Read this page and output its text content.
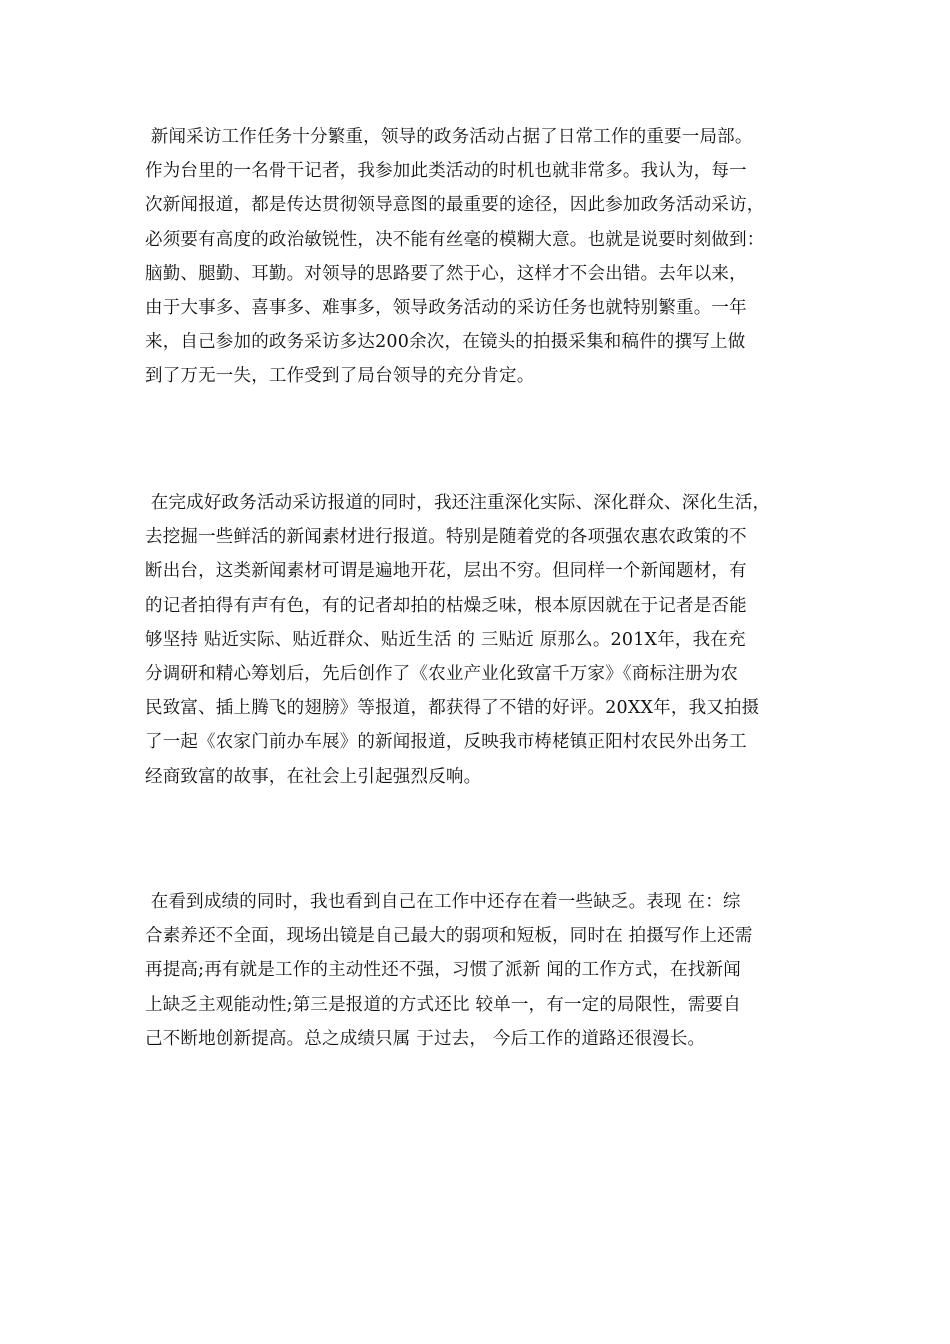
新闻采访工作任务十分繁重，领导的政务活动占据了日常工作的重要一局部。
作为台里的一名骨干记者，我参加此类活动的时机也就非常多。我认为，每一
次新闻报道，都是传达贯彻领导意图的最重要的途径，因此参加政务活动采访，
必须要有高度的政治敏锐性，决不能有丝毫的模糊大意。也就是说要时刻做到：
脑勤、腿勤、耳勤。对领导的思路要了然于心，这样才不会出错。去年以来，
由于大事多、喜事多、难事多，领导政务活动的采访任务也就特别繁重。一年
来，自己参加的政务采访多达200余次，在镜头的拍摄采集和稿件的撰写上做
到了万无一失，工作受到了局台领导的充分肯定。
在完成好政务活动采访报道的同时，我还注重深化实际、深化群众、深化生活，
去挖掘一些鲜活的新闻素材进行报道。特别是随着党的各项强农惠农政策的不
断出台，这类新闻素材可谓是遍地开花，层出不穷。但同样一个新闻题材，有
的记者拍得有声有色，有的记者却拍的枯燥乏味，根本原因就在于记者是否能
够坚持 贴近实际、贴近群众、贴近生活 的 三贴近 原那么。201X年，我在充
分调研和精心筹划后，先后创作了《农业产业化致富千万家》《商标注册为农
民致富、插上腾飞的翅膀》等报道，都获得了不错的好评。20XX年，我又拍摄
了一起《农家门前办车展》的新闻报道，反映我市梼栳镇正阳村农民外出务工
经商致富的故事，在社会上引起强烈反响。
在看到成绩的同时，我也看到自己在工作中还存在着一些缺乏。表现 在：综
合素养还不全面，现场出镜是自己最大的弱项和短板，同时在 拍摄写作上还需
再提高;再有就是工作的主动性还不强，习惯了派新 闻的工作方式，在找新闻
上缺乏主观能动性;第三是报道的方式还比 较单一，有一定的局限性，需要自
己不断地创新提高。总之成绩只属 于过去， 今后工作的道路还很漫长。
